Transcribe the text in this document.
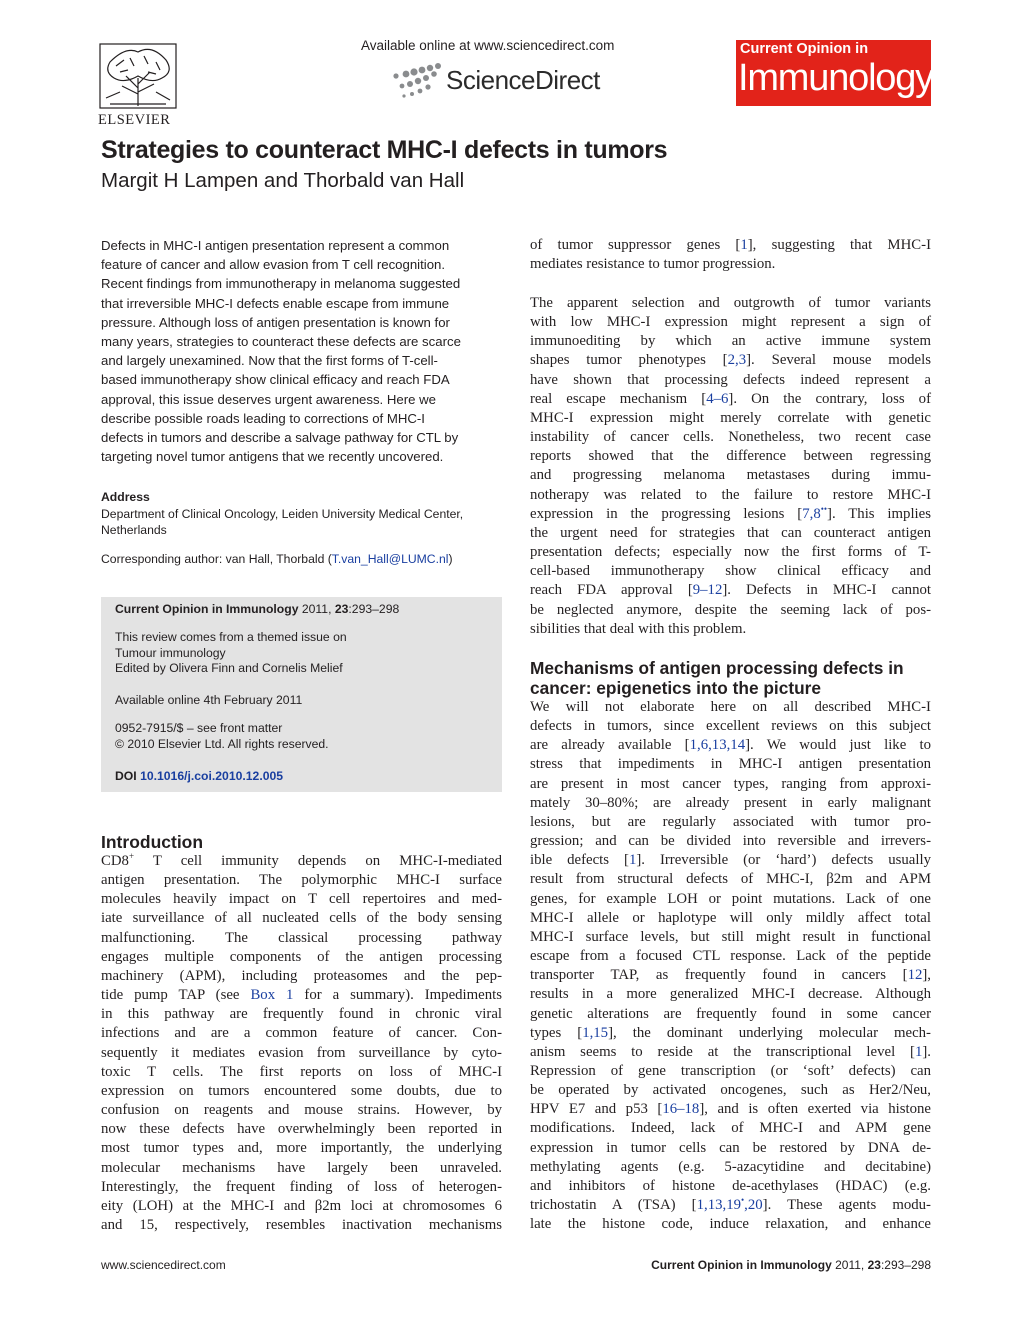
ELSEVIER
Available online at www.sciencedirect.com
ScienceDirect
Current Opinion in
Immunology
Strategies to counteract MHC-I defects in tumors
Margit H Lampen and Thorbald van Hall
Defects in MHC-I antigen presentation represent a common
feature of cancer and allow evasion from T cell recognition.
Recent findings from immunotherapy in melanoma suggested
that irreversible MHC-I defects enable escape from immune
pressure. Although loss of antigen presentation is known for
many years, strategies to counteract these defects are scarce
and largely unexamined. Now that the first forms of T-cell-
based immunotherapy show clinical efficacy and reach FDA
approval, this issue deserves urgent awareness. Here we
describe possible roads leading to corrections of MHC-I
defects in tumors and describe a salvage pathway for CTL by
targeting novel tumor antigens that we recently uncovered.
Address
Department of Clinical Oncology, Leiden University Medical Center,
Netherlands
Corresponding author: van Hall, Thorbald (T.van_Hall@LUMC.nl)
Current Opinion in Immunology 2011, 23:293–298
This review comes from a themed issue on
Tumour immunology
Edited by Olivera Finn and Cornelis Melief
Available online 4th February 2011
0952-7915/$ – see front matter
© 2010 Elsevier Ltd. All rights reserved.
DOI 10.1016/j.coi.2010.12.005
Introduction
CD8+ T cell immunity depends on MHC-I-mediated
antigen presentation. The polymorphic MHC-I surface
molecules heavily impact on T cell repertoires and med-
iate surveillance of all nucleated cells of the body sensing
malfunctioning. The classical processing pathway
engages multiple components of the antigen processing
machinery (APM), including proteasomes and the pep-
tide pump TAP (see Box 1 for a summary). Impediments
in this pathway are frequently found in chronic viral
infections and are a common feature of cancer. Con-
sequently it mediates evasion from surveillance by cyto-
toxic T cells. The first reports on loss of MHC-I
expression on tumors encountered some doubts, due to
confusion on reagents and mouse strains. However, by
now these defects have overwhelmingly been reported in
most tumor types and, more importantly, the underlying
molecular mechanisms have largely been unraveled.
Interestingly, the frequent finding of loss of heterogen-
eity (LOH) at the MHC-I and β2m loci at chromosomes 6
and 15, respectively, resembles inactivation mechanisms
of tumor suppressor genes [1], suggesting that MHC-I
mediates resistance to tumor progression.
The apparent selection and outgrowth of tumor variants
with low MHC-I expression might represent a sign of
immunoediting by which an active immune system
shapes tumor phenotypes [2,3]. Several mouse models
have shown that processing defects indeed represent a
real escape mechanism [4–6]. On the contrary, loss of
MHC-I expression might merely correlate with genetic
instability of cancer cells. Nonetheless, two recent case
reports showed that the difference between regressing
and progressing melanoma metastases during immu-
notherapy was related to the failure to restore MHC-I
expression in the progressing lesions [7,8••]. This implies
the urgent need for strategies that can counteract antigen
presentation defects; especially now the first forms of T-
cell-based immunotherapy show clinical efficacy and
reach FDA approval [9–12]. Defects in MHC-I cannot
be neglected anymore, despite the seeming lack of pos-
sibilities that deal with this problem.
Mechanisms of antigen processing defects in
cancer: epigenetics into the picture
We will not elaborate here on all described MHC-I
defects in tumors, since excellent reviews on this subject
are already available [1,6,13,14]. We would just like to
stress that impediments in MHC-I antigen presentation
are present in most cancer types, ranging from approxi-
mately 30–80%; are already present in early malignant
lesions, but are regularly associated with tumor pro-
gression; and can be divided into reversible and irrevers-
ible defects [1]. Irreversible (or ‘hard’) defects usually
result from structural defects of MHC-I, β2m and APM
genes, for example LOH or point mutations. Lack of one
MHC-I allele or haplotype will only mildly affect total
MHC-I surface levels, but still might result in functional
escape from a focused CTL response. Lack of the peptide
transporter TAP, as frequently found in cancers [12],
results in a more generalized MHC-I decrease. Although
genetic alterations are frequently found in some cancer
types [1,15], the dominant underlying molecular mech-
anism seems to reside at the transcriptional level [1].
Repression of gene transcription (or ‘soft’ defects) can
be operated by activated oncogenes, such as Her2/Neu,
HPV E7 and p53 [16–18], and is often exerted via histone
modifications. Indeed, lack of MHC-I and APM gene
expression in tumor cells can be restored by DNA de-
methylating agents (e.g. 5-azacytidine and decitabine)
and inhibitors of histone de-acethylases (HDAC) (e.g.
trichostatin A (TSA) [1,13,19•,20]. These agents modu-
late the histone code, induce relaxation, and enhance
www.sciencedirect.com	Current Opinion in Immunology 2011, 23:293–298
